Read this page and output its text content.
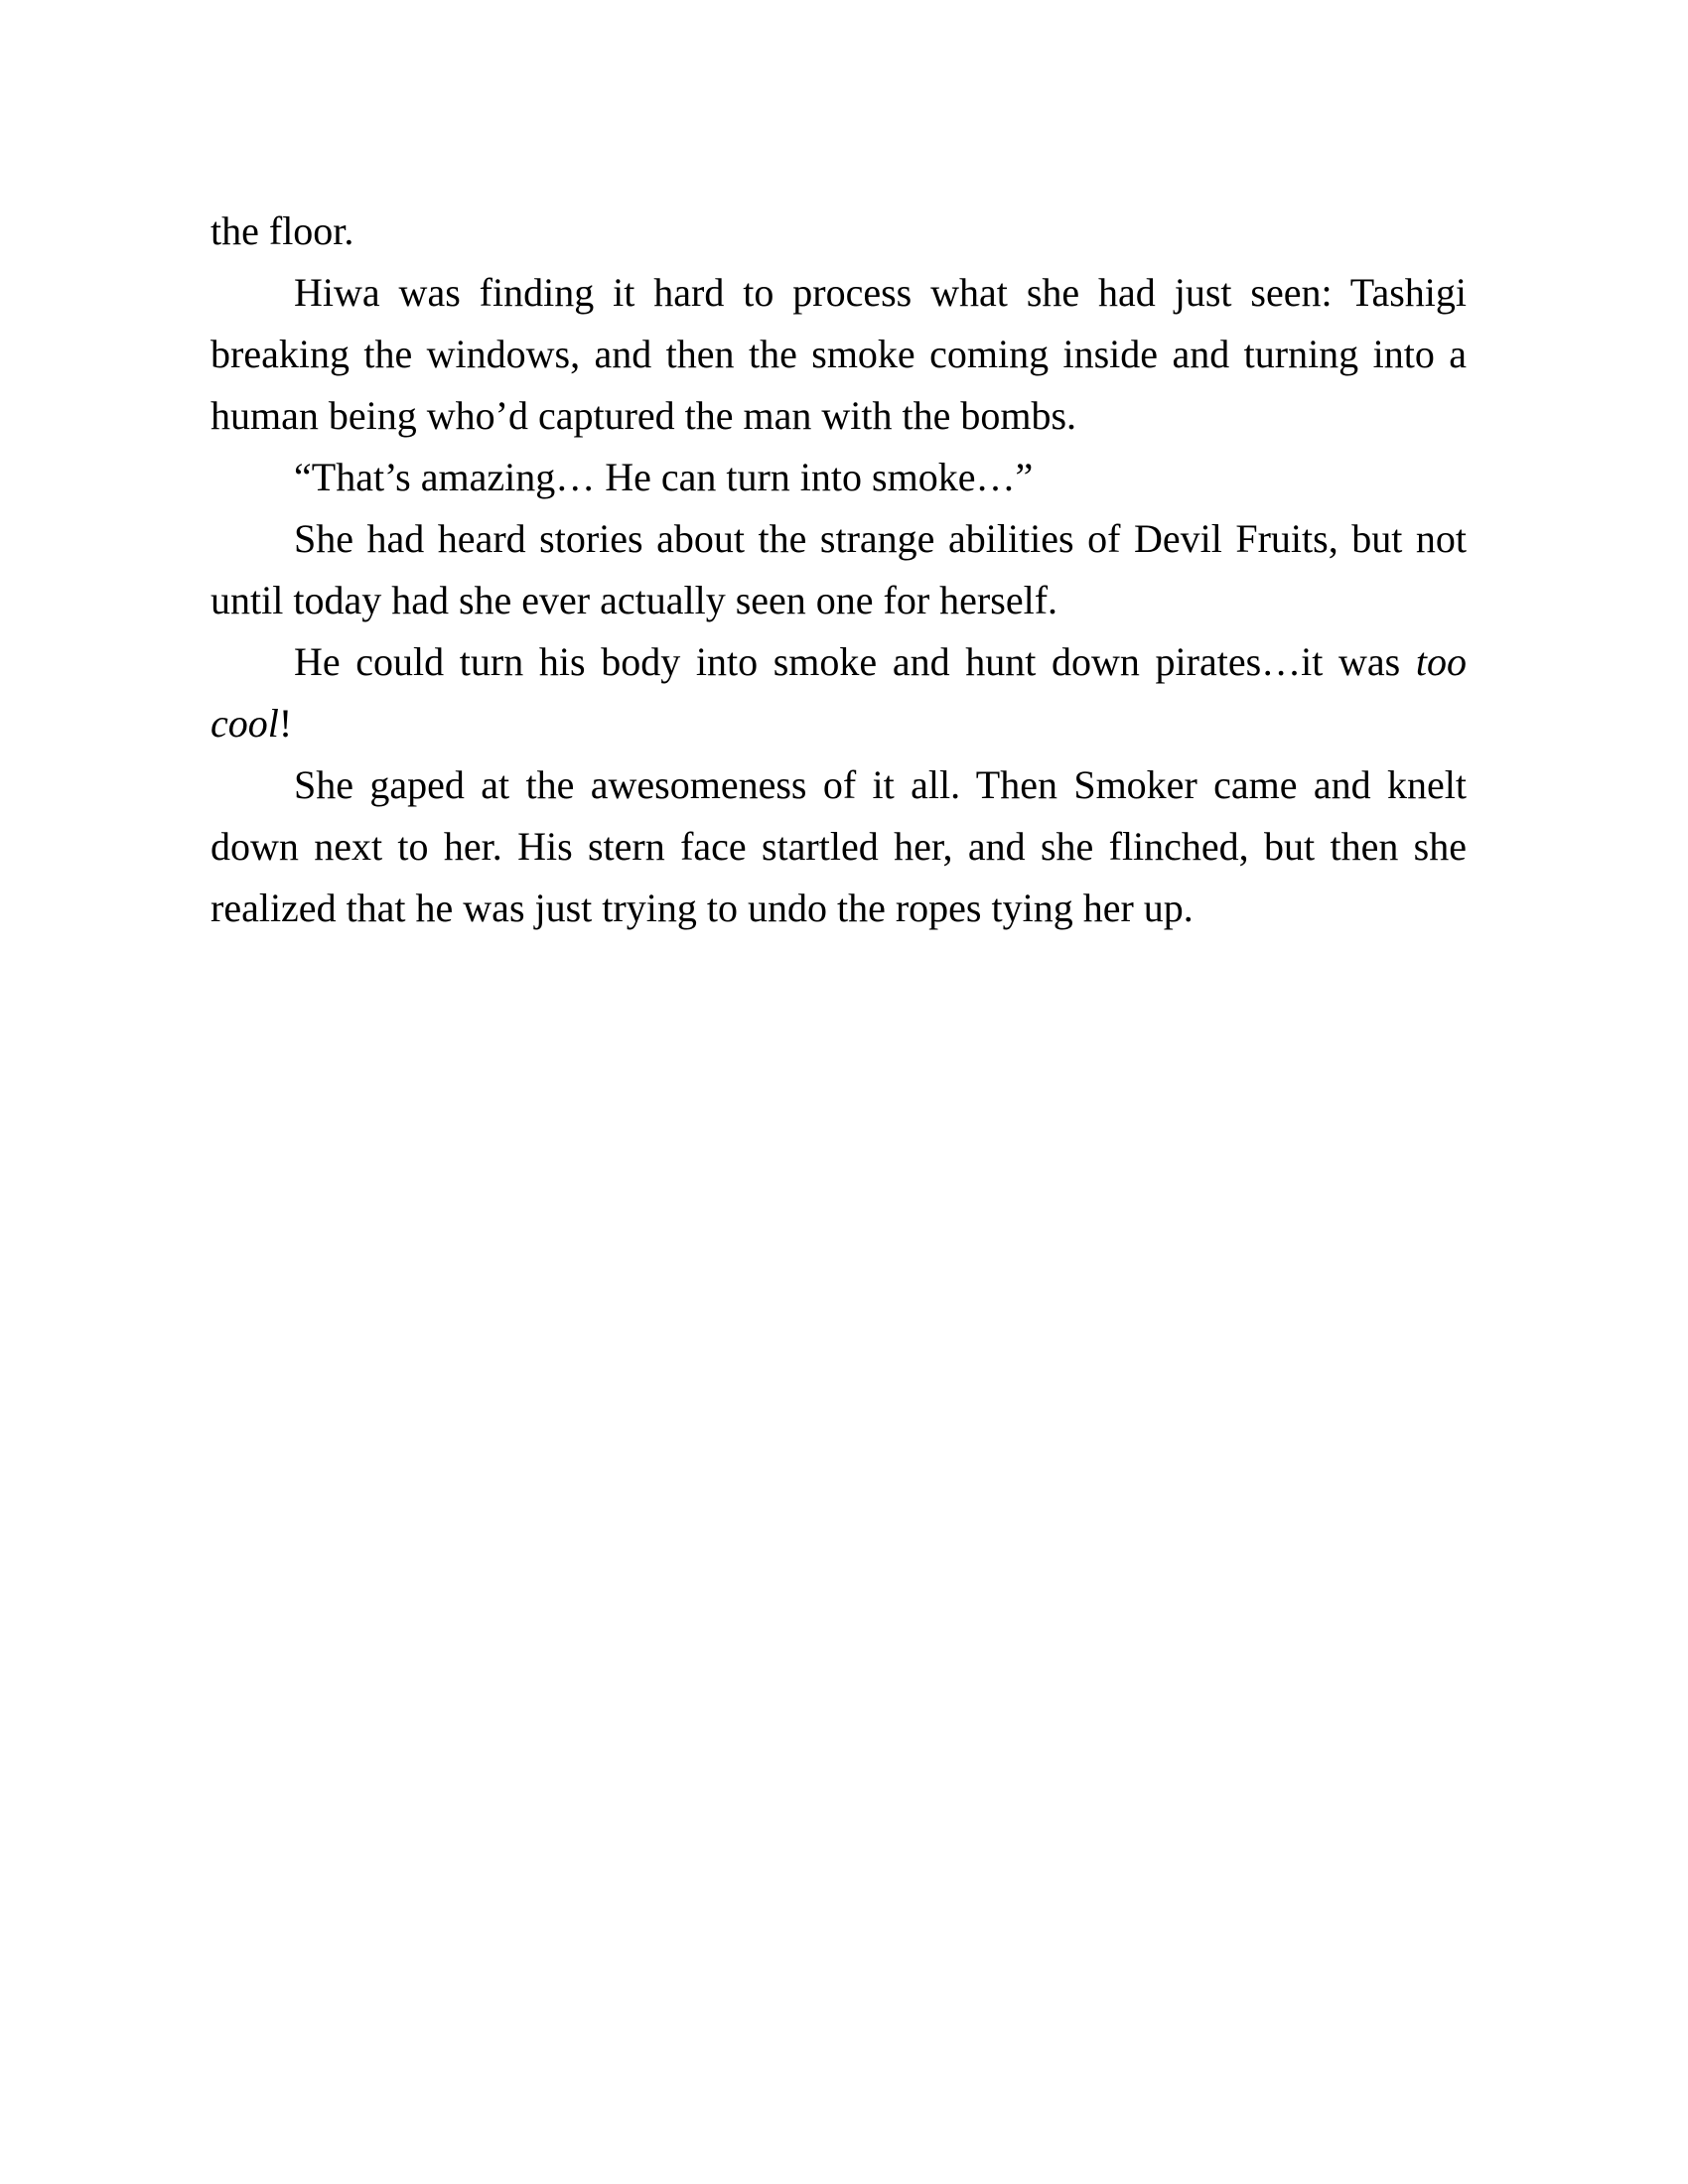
the floor.

Hiwa was finding it hard to process what she had just seen: Tashigi breaking the windows, and then the smoke coming inside and turning into a human being who’d captured the man with the bombs.

“That’s amazing… He can turn into smoke…”

She had heard stories about the strange abilities of Devil Fruits, but not until today had she ever actually seen one for herself.

He could turn his body into smoke and hunt down pirates…it was too cool!

She gaped at the awesomeness of it all. Then Smoker came and knelt down next to her. His stern face startled her, and she flinched, but then she realized that he was just trying to undo the ropes tying her up.
